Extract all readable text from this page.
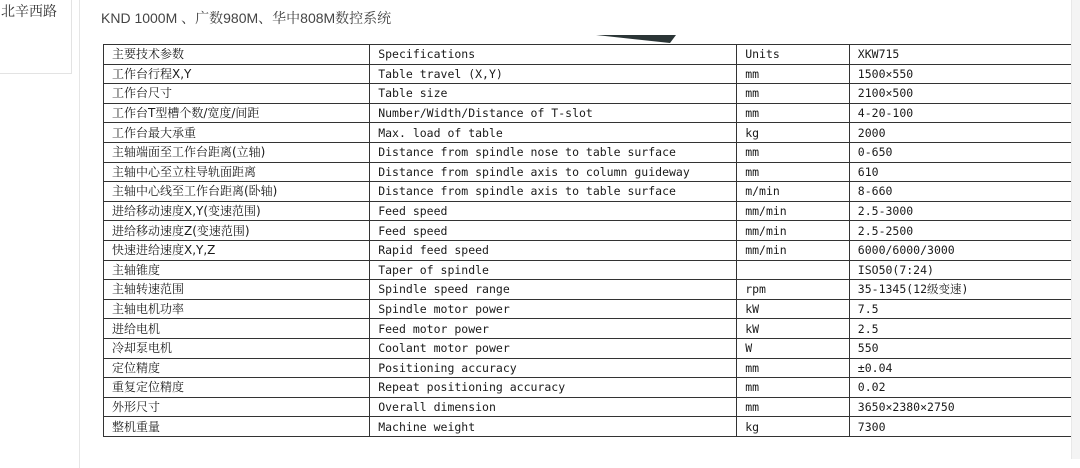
北辛西路	KND 1000M 、广数980M、华中808M数控系统
主要技术参数	Specifications	Units	XKW715
工作台行程X,Y	Table travel (X,Y)	mm	1500×550
工作台尺寸	Table size	mm	2100×500
工作台T型槽个数/宽度/间距	Number/Width/Distance of T-slot	mm	4-20-100
工作台最大承重	Max. load of table	kg	2000
主轴端面至工作台距离(立轴)	Distance from spindle nose to table surface	mm	0-650
主轴中心至立柱导轨面距离	Distance from spindle axis to column guideway	mm	610
主轴中心线至工作台距离(卧轴)	Distance from spindle axis to table surface	m/min	8-660
进给移动速度X,Y(变速范围)	Feed speed	mm/min	2.5-3000
进给移动速度Z(变速范围)	Feed speed	mm/min	2.5-2500
快速进给速度X,Y,Z	Rapid feed speed	mm/min	6000/6000/3000
主轴锥度	Taper of spindle		ISO50(7:24)
主轴转速范围	Spindle speed range	rpm	35-1345(12级变速)
主轴电机功率	Spindle motor power	kW	7.5
进给电机	Feed motor power	kW	2.5
冷却泵电机	Coolant motor power	W	550
定位精度	Positioning accuracy	mm	±0.04
重复定位精度	Repeat positioning accuracy	mm	0.02
外形尺寸	Overall dimension	mm	3650×2380×2750
整机重量	Machine weight	kg	7300
